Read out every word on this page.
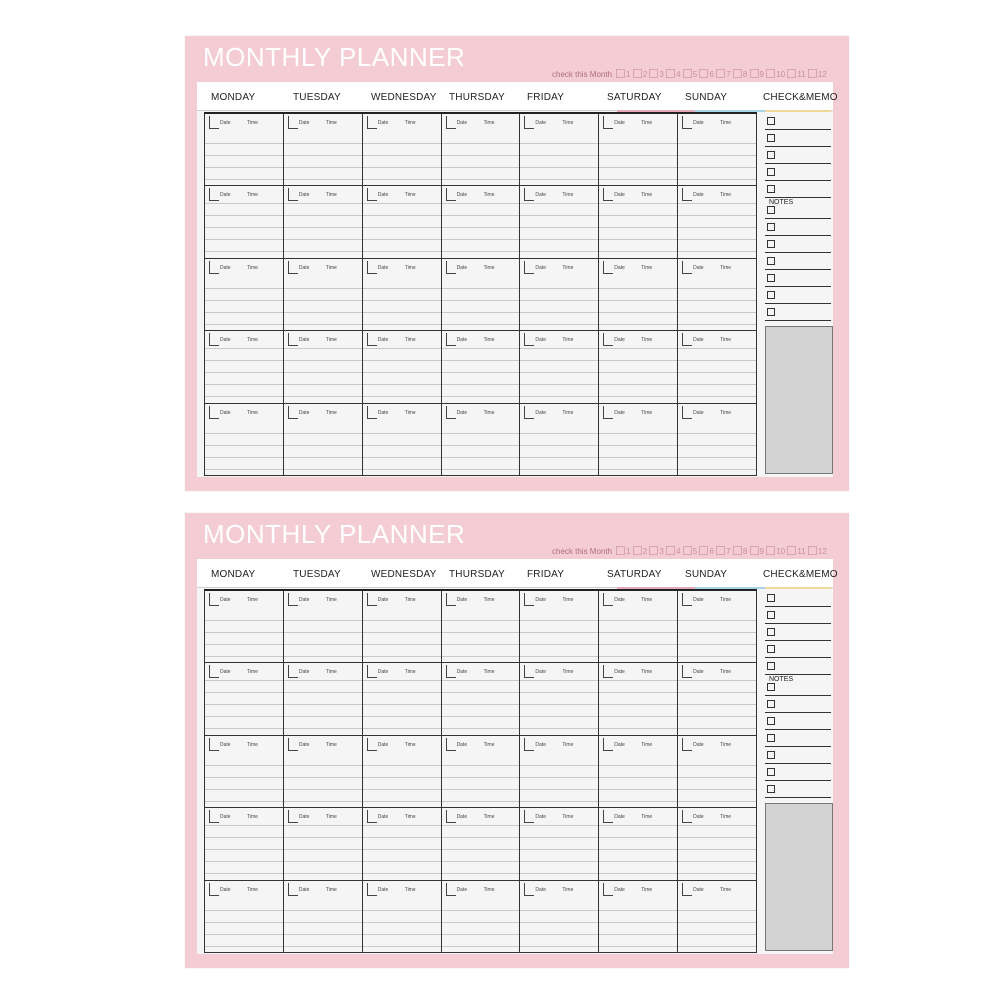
MONTHLY PLANNER
check this Month	1 2 3 4 5 6 7 8 9 10 11 12
MONDAY	TUESDAY	WEDNESDAY THURSDAY FRIDAY	SATURDAY SUNDAY	CHECK&MEMO
Date	Time	Date	Time	Date	Time	Date	Time	Date	Time	Date	Time	Date	Time
Date	Time	Date	Time	Date	Time	Date	Time	Date	Time	Date	Time	Date	Time
Date	Time	Date	Time	Date	Time	Date	Time	Date	Time	Date	Time	Date	Time
Date	Time	Date	Time	Date	Time	Date	Time	Date	Time	Date	Time	Date	Time
Date	Time	Date	Time	Date	Time	Date	Time	Date	Time	Date	Time	Date	Time
NOTES
MONTHLY PLANNER
check this Month	1 2 3 4 5 6 7 8 9 10 11 12
MONDAY	TUESDAY	WEDNESDAY THURSDAY FRIDAY	SATURDAY SUNDAY	CHECK&MEMO
Date	Time	Date	Time	Date	Time	Date	Time	Date	Time	Date	Time	Date	Time
Date	Time	Date	Time	Date	Time	Date	Time	Date	Time	Date	Time	Date	Time
Date	Time	Date	Time	Date	Time	Date	Time	Date	Time	Date	Time	Date	Time
Date	Time	Date	Time	Date	Time	Date	Time	Date	Time	Date	Time	Date	Time
Date	Time	Date	Time	Date	Time	Date	Time	Date	Time	Date	Time	Date	Time
NOTES
